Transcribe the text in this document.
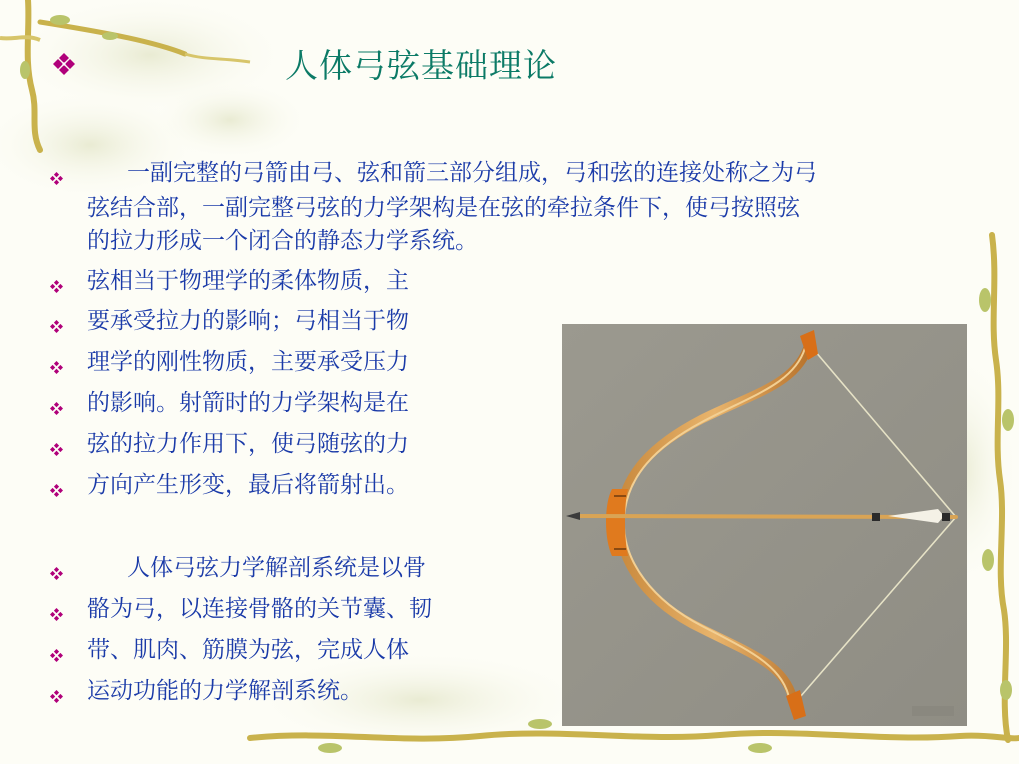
人体弓弦基础理论
一副完整的弓箭由弓、弦和箭三部分组成，弓和弦的连接处称之为弓
弦结合部，一副完整弓弦的力学架构是在弦的牵拉条件下，使弓按照弦
的拉力形成一个闭合的静态力学系统。
弦相当于物理学的柔体物质，主
要承受拉力的影响；弓相当于物
理学的刚性物质，主要承受压力
的影响。射箭时的力学架构是在
弦的拉力作用下，使弓随弦的力
方向产生形变，最后将箭射出。
人体弓弦力学解剖系统是以骨
骼为弓，以连接骨骼的关节囊、韧
带、肌肉、筋膜为弦，完成人体
运动功能的力学解剖系统。
